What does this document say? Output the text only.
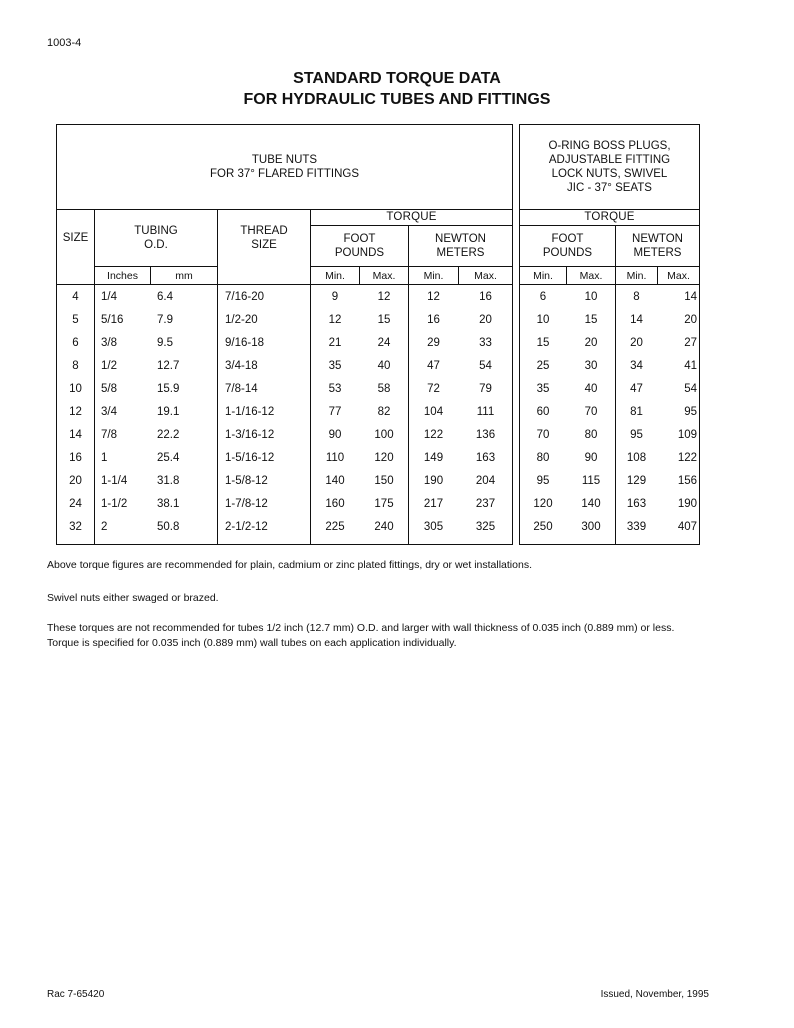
1003-4
STANDARD TORQUE DATA
FOR HYDRAULIC TUBES AND FITTINGS
TUBE NUTS
FOR 37° FLARED FITTINGS
TORQUE
SIZE
TUBING
O.D.
THREAD
SIZE	FOOT
POUNDS
NEWTON
METERS
Inches	mm	Min.	Max.	Min.	Max.
4	1/4	6.4	7/16-20	9	12	12	16
5	5/16	7.9	1/2-20	12	15	16	20
6	3/8	9.5	9/16-18	21	24	29	33
8	1/2	12.7	3/4-18	35	40	47	54
10	5/8	15.9	7/8-14	53	58	72	79
12	3/4	19.1	1-1/16-12	77	82	104	111
14	7/8	22.2	1-3/16-12	90	100	122	136
16	1	25.4	1-5/16-12	110	120	149	163
20	1-1/4	31.8	1-5/8-12	140	150	190	204
24	1-1/2	38.1	1-7/8-12	160	175	217	237
32	2	50.8	2-1/2-12	225	240	305	325
O-RING BOSS PLUGS,
ADJUSTABLE FITTING
LOCK NUTS, SWIVEL
JIC - 37° SEATS
TORQUE
FOOT
POUNDS
NEWTON
METERS
Min.	Max.	Min.	Max.
6	10	8	14
10	15	14	20
15	20	20	27
25	30	34	41
35	40	47	54
60	70	81	95
70	80	95	109
80	90	108	122
95	115	129	156
120	140	163	190
250	300	339	407
Above torque figures are recommended for plain, cadmium or zinc plated fittings, dry or wet installations.
Swivel nuts either swaged or brazed.
These torques are not recommended for tubes 1/2 inch (12.7 mm) O.D. and larger with wall thickness of 0.035 inch (0.889 mm) or less. Torque is specified for 0.035 inch (0.889 mm) wall tubes on each application individually.
Rac 7-65420	Issued, November, 1995
